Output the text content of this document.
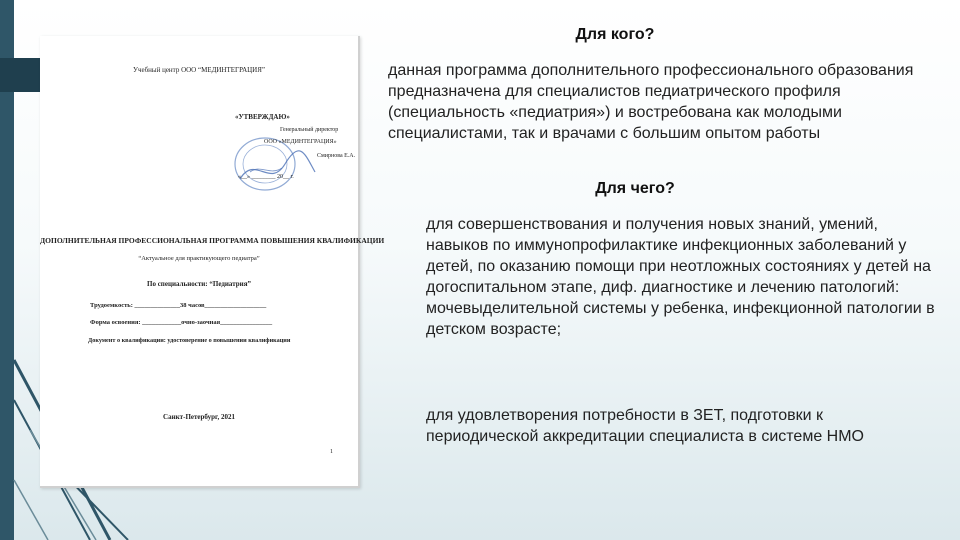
Учебный центр ООО “МЕДИНТЕГРАЦИЯ”
«УТВЕРЖДАЮ»
Генеральный директор
ООО «МЕДИНТЕГРАЦИЯ»
Смирнова Е.А.
«__» ________ 20__ г.
ДОПОЛНИТЕЛЬНАЯ ПРОФЕССИОНАЛЬНАЯ ПРОГРАММА ПОВЫШЕНИЯ КВАЛИФИКАЦИИ
“Актуальное для практикующего педиатра”
По специальности: “Педиатрия”
Трудоемкость: ______________38 часов___________________
Форма освоения: ____________очно-заочная________________
Документ о квалификации: удостоверение о повышении квалификации
Санкт-Петербург, 2021
1
Для кого?
данная программа дополнительного профессионального образования предназначена для специалистов педиатрического профиля (специальность «педиатрия») и востребована как молодыми специалистами, так и врачами с большим опытом работы
Для чего?
для совершенствования и получения новых знаний, умений, навыков по иммунопрофилактике инфекционных заболеваний у детей, по оказанию помощи при неотложных состояниях у детей на догоспитальном этапе, диф. диагностике и лечению патологий: мочевыделительной системы у ребенка, инфекционной патологии в детском возрасте;
для удовлетворения потребности в ЗЕТ, подготовки к периодической аккредитации специалиста в системе НМО
